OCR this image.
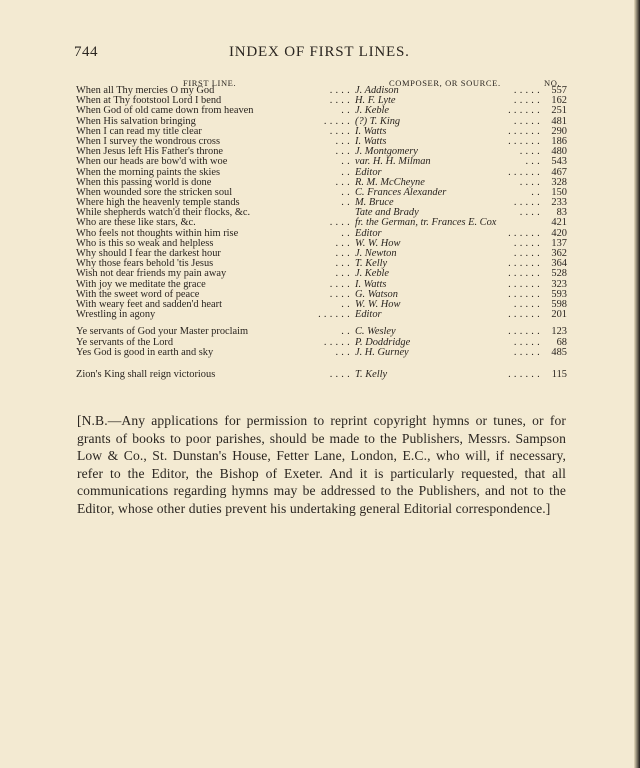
744	INDEX OF FIRST LINES.
FIRST LINE.	COMPOSER, OR SOURCE.	NO.
When all Thy mercies O my God	. . . . J. Addison	. . . . .	557
When at Thy footstool Lord I bend	. . . . H. F. Lyte	. . . . .	162
When God of old came down from heaven	. . J. Keble	. . . . . .	251
When His salvation bringing	. . . . . (?) T. King	. . . . .	481
When I can read my title clear	. . . . I. Watts	. . . . . .	290
When I survey the wondrous cross	. . . I. Watts	. . . . . .	186
When Jesus left His Father's throne	. . . J. Montgomery	. . . .	480
When our heads are bow'd with woe	. . var. H. H. Milman	. . .	543
When the morning paints the skies	. . Editor	. . . . . .	467
When this passing world is done	. . . R. M. McCheyne	. . . .	328
When wounded sore the stricken soul	. . C. Frances Alexander	. .	150
Where high the heavenly temple stands	. . M. Bruce	. . . . .	233
While shepherds watch'd their flocks, &c.	Tate and Brady	. . . .	83
Who are these like stars, &c.	. . . . fr. the German, tr. Frances E. Cox	421
Who feels not thoughts within him rise	. . Editor	. . . . . .	420
Who is this so weak and helpless	. . . W. W. How	. . . . .	137
Why should I fear the darkest hour	. . . J. Newton	. . . . .	362
Why those fears behold 'tis Jesus	. . . T. Kelly	. . . . . .	364
Wish not dear friends my pain away	. . . J. Keble	. . . . . .	528
With joy we meditate the grace	. . . . I. Watts	. . . . . .	323
With the sweet word of peace	. . . . G. Watson	. . . . . .	593
With weary feet and sadden'd heart	. . W. W. How	. . . . .	598
Wrestling in agony	. . . . . . Editor	. . . . . .	201
Ye servants of God your Master proclaim	. . C. Wesley	. . . . . .	123
Ye servants of the Lord	. . . . . P. Doddridge	. . . . .	68
Yes God is good in earth and sky	. . . J. H. Gurney	. . . . .	485
Zion's King shall reign victorious	. . . . T. Kelly	. . . . . .	115
[N.B.—Any applications for permission to reprint copyright hymns or tunes, or for grants of books to poor parishes, should be made to the Publishers, Messrs. Sampson Low & Co., St. Dunstan's House, Fetter Lane, London, E.C., who will, if necessary, refer to the Editor, the Bishop of Exeter. And it is particularly requested, that all communications regarding hymns may be addressed to the Publishers, and not to the Editor, whose other duties prevent his undertaking general Editorial correspondence.]
